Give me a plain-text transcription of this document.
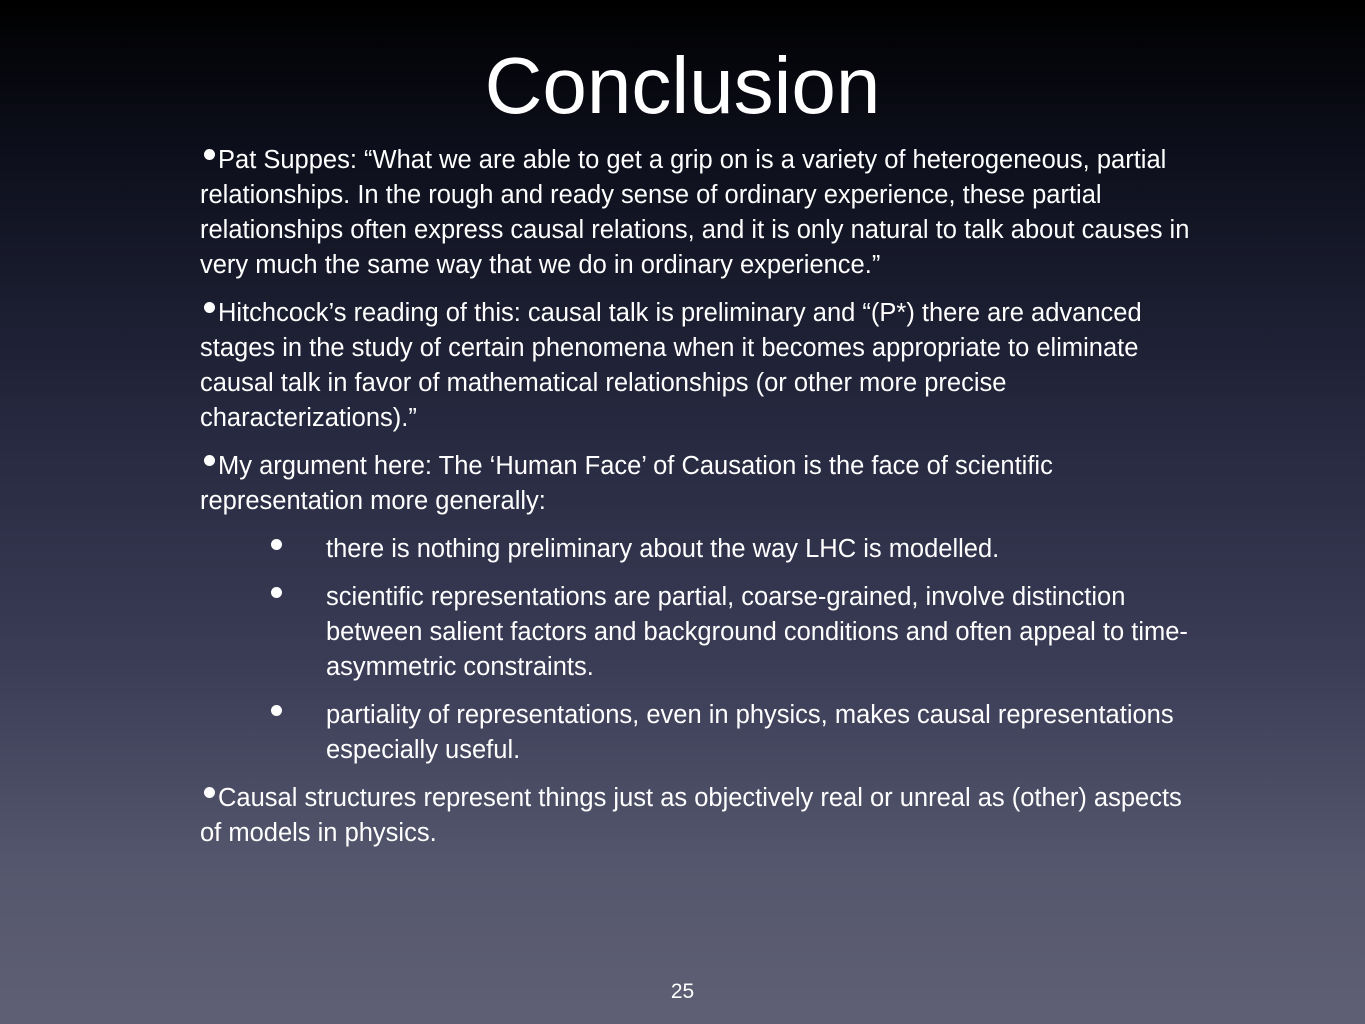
Conclusion
Pat Suppes: “What we are able to get a grip on is a variety of heterogeneous, partial relationships. In the rough and ready sense of ordinary experience, these partial relationships often express causal relations, and it is only natural to talk about causes in very much the same way that we do in ordinary experience.”
Hitchcock’s reading of this: causal talk is preliminary and “(P*) there are advanced stages in the study of certain phenomena when it becomes appropriate to eliminate causal talk in favor of mathematical relationships (or other more precise characterizations).”
My argument here: The ‘Human Face’ of Causation is the face of scientific representation more generally:
there is nothing preliminary about the way LHC is modelled.
scientific representations are partial, coarse-grained, involve distinction between salient factors and background conditions and often appeal to time-asymmetric constraints.
partiality of representations, even in physics, makes causal representations especially useful.
Causal structures represent things just as objectively real or unreal as (other) aspects of models in physics.
25
